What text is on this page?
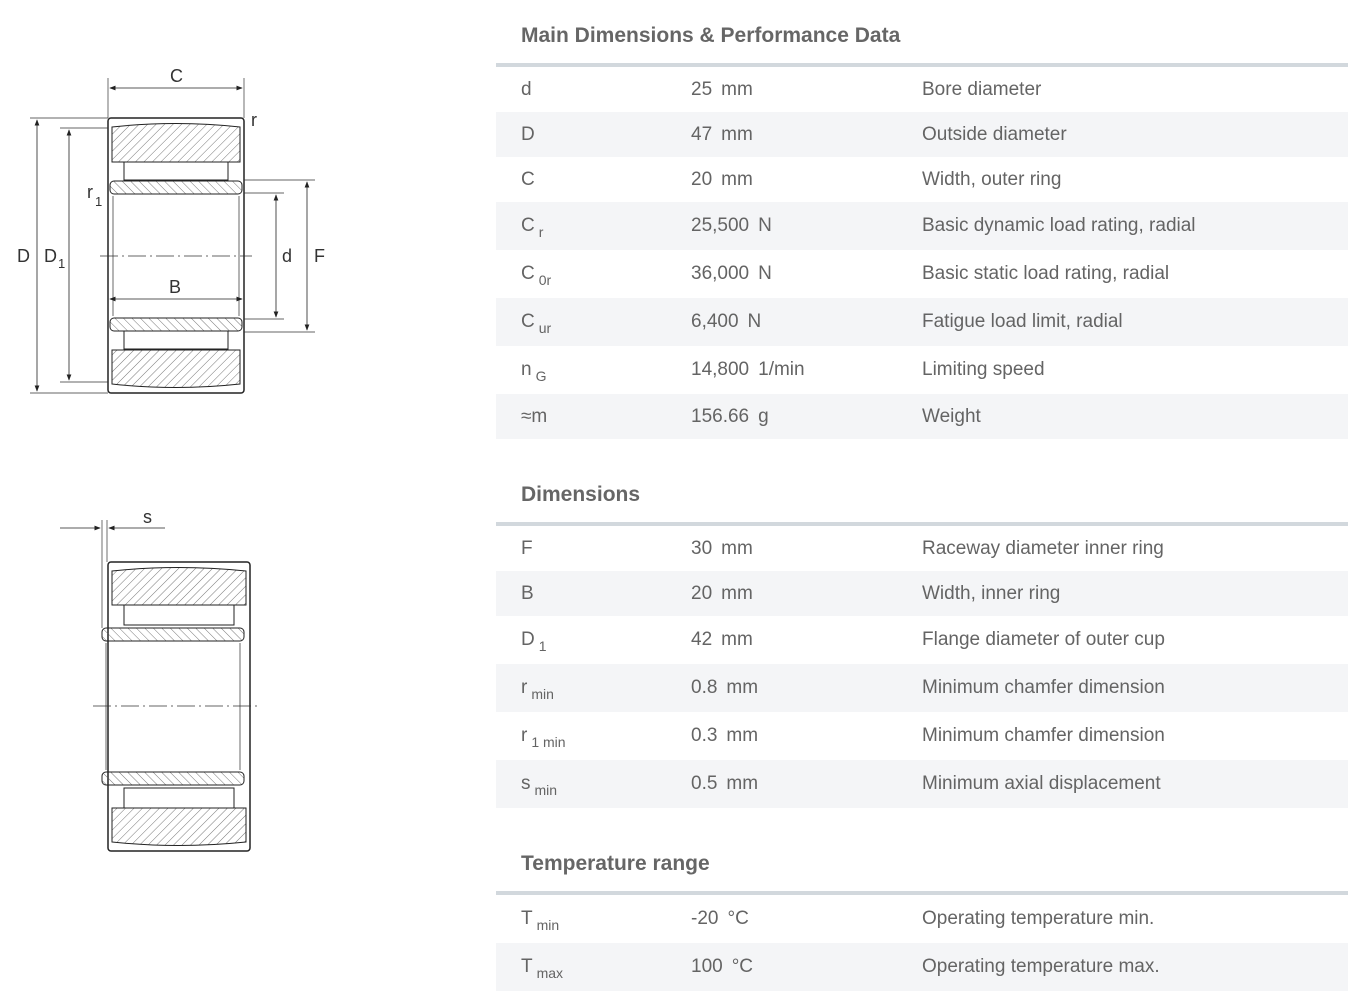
C
r
r 1
D D 1
B
d F
s
Main Dimensions & Performance Data
d	25 mm	Bore diameter
D	47 mm	Outside diameter
C	20 mm	Width, outer ring
C $_r$	25,500 N	Basic dynamic load rating, radial
C $_{0r}$	36,000 N	Basic static load rating, radial
C $_{ur}$	6,400 N	Fatigue load limit, radial
n $_G$	14,800 1/min	Limiting speed
≈m	156.66 g	Weight
Dimensions
F	30 mm	Raceway diameter inner ring
B	20 mm	Width, inner ring
D $_1$	42 mm	Flange diameter of outer cup
r $_{min}$	0.8 mm	Minimum chamfer dimension
r $_{1 min}$	0.3 mm	Minimum chamfer dimension
s $_{min}$	0.5 mm	Minimum axial displacement
Temperature range
T $_{min}$	-20 °C	Operating temperature min.
T $_{max}$	100 °C	Operating temperature max.
